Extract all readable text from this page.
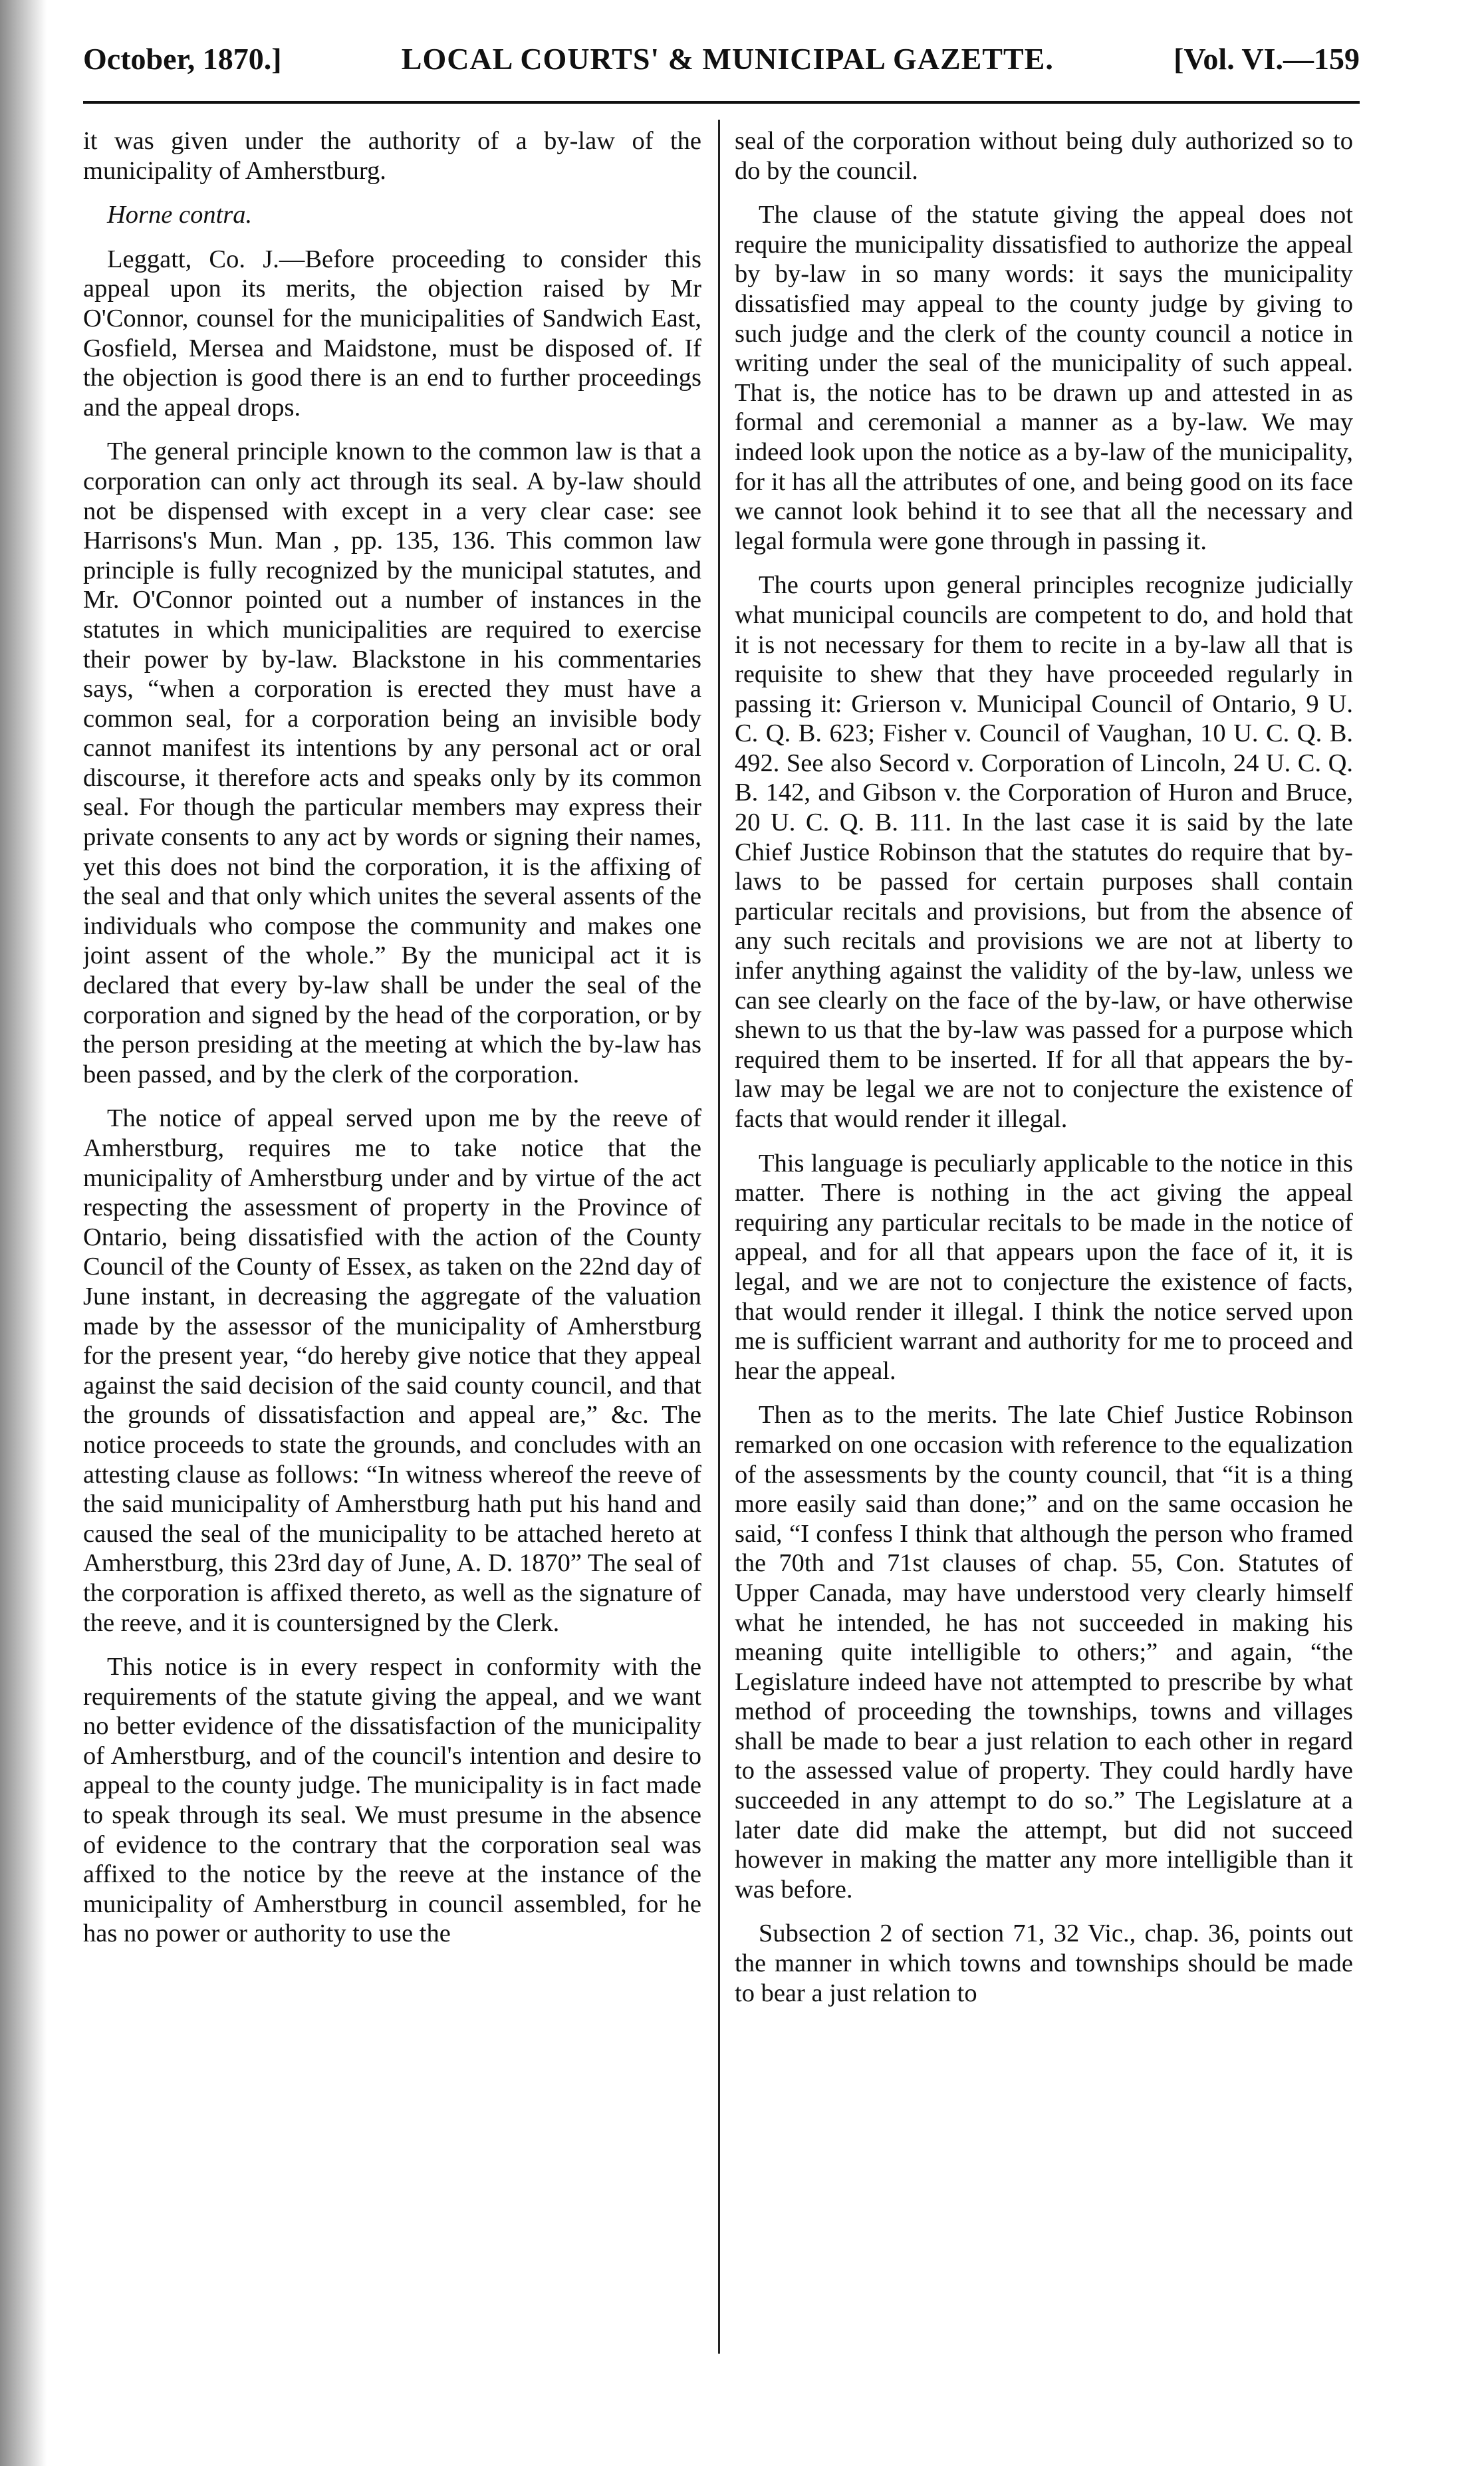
October, 1870.]	LOCAL COURTS' & MUNICIPAL GAZETTE.	[Vol. VI.—159

it was given under the authority of a by-law of the municipality of Amherstburg.

Horne contra.

Leggatt, Co. J.—Before proceeding to consider this appeal upon its merits, the objection raised by Mr O'Connor, counsel for the municipalities of Sandwich East, Gosfield, Mersea and Maidstone, must be disposed of. If the objection is good there is an end to further proceedings and the appeal drops.

The general principle known to the common law is that a corporation can only act through its seal. A by-law should not be dispensed with except in a very clear case: see Harrisons's Mun. Man , pp. 135, 136. This common law principle is fully recognized by the municipal statutes, and Mr. O'Connor pointed out a number of instances in the statutes in which municipalities are required to exercise their power by by-law. Blackstone in his commentaries says, “when a corporation is erected they must have a common seal, for a corporation being an invisible body cannot manifest its intentions by any personal act or oral discourse, it therefore acts and speaks only by its common seal. For though the particular members may express their private consents to any act by words or signing their names, yet this does not bind the corporation, it is the affixing of the seal and that only which unites the several assents of the individuals who compose the community and makes one joint assent of the whole.” By the municipal act it is declared that every by-law shall be under the seal of the corporation and signed by the head of the corporation, or by the person presiding at the meeting at which the by-law has been passed, and by the clerk of the corporation.

The notice of appeal served upon me by the reeve of Amherstburg, requires me to take notice that the municipality of Amherstburg under and by virtue of the act respecting the assessment of property in the Province of Ontario, being dissatisfied with the action of the County Council of the County of Essex, as taken on the 22nd day of June instant, in decreasing the aggregate of the valuation made by the assessor of the municipality of Amherstburg for the present year, “do hereby give notice that they appeal against the said decision of the said county council, and that the grounds of dissatisfaction and appeal are,” &c. The notice proceeds to state the grounds, and concludes with an attesting clause as follows: “In witness whereof the reeve of the said municipality of Amherstburg hath put his hand and caused the seal of the municipality to be attached hereto at Amherstburg, this 23rd day of June, A. D. 1870” The seal of the corporation is affixed thereto, as well as the signature of the reeve, and it is countersigned by the Clerk.

This notice is in every respect in conformity with the requirements of the statute giving the appeal, and we want no better evidence of the dissatisfaction of the municipality of Amherstburg, and of the council's intention and desire to appeal to the county judge. The municipality is in fact made to speak through its seal. We must presume in the absence of evidence to the contrary that the corporation seal was affixed to the notice by the reeve at the instance of the municipality of Amherstburg in council assembled, for he has no power or authority to use the

seal of the corporation without being duly authorized so to do by the council.

The clause of the statute giving the appeal does not require the municipality dissatisfied to authorize the appeal by by-law in so many words: it says the municipality dissatisfied may appeal to the county judge by giving to such judge and the clerk of the county council a notice in writing under the seal of the municipality of such appeal. That is, the notice has to be drawn up and attested in as formal and ceremonial a manner as a by-law. We may indeed look upon the notice as a by-law of the municipality, for it has all the attributes of one, and being good on its face we cannot look behind it to see that all the necessary and legal formula were gone through in passing it.

The courts upon general principles recognize judicially what municipal councils are competent to do, and hold that it is not necessary for them to recite in a by-law all that is requisite to shew that they have proceeded regularly in passing it: Grierson v. Municipal Council of Ontario, 9 U. C. Q. B. 623; Fisher v. Council of Vaughan, 10 U. C. Q. B. 492. See also Secord v. Corporation of Lincoln, 24 U. C. Q. B. 142, and Gibson v. the Corporation of Huron and Bruce, 20 U. C. Q. B. 111. In the last case it is said by the late Chief Justice Robinson that the statutes do require that by-laws to be passed for certain purposes shall contain particular recitals and provisions, but from the absence of any such recitals and provisions we are not at liberty to infer anything against the validity of the by-law, unless we can see clearly on the face of the by-law, or have otherwise shewn to us that the by-law was passed for a purpose which required them to be inserted. If for all that appears the by-law may be legal we are not to conjecture the existence of facts that would render it illegal.

This language is peculiarly applicable to the notice in this matter. There is nothing in the act giving the appeal requiring any particular recitals to be made in the notice of appeal, and for all that appears upon the face of it, it is legal, and we are not to conjecture the existence of facts, that would render it illegal. I think the notice served upon me is sufficient warrant and authority for me to proceed and hear the appeal.

Then as to the merits. The late Chief Justice Robinson remarked on one occasion with reference to the equalization of the assessments by the county council, that “it is a thing more easily said than done;” and on the same occasion he said, “I confess I think that although the person who framed the 70th and 71st clauses of chap. 55, Con. Statutes of Upper Canada, may have understood very clearly himself what he intended, he has not succeeded in making his meaning quite intelligible to others;” and again, “the Legislature indeed have not attempted to prescribe by what method of proceeding the townships, towns and villages shall be made to bear a just relation to each other in regard to the assessed value of property. They could hardly have succeeded in any attempt to do so.” The Legislature at a later date did make the attempt, but did not succeed however in making the matter any more intelligible than it was before.

Subsection 2 of section 71, 32 Vic., chap. 36, points out the manner in which towns and townships should be made to bear a just relation to
